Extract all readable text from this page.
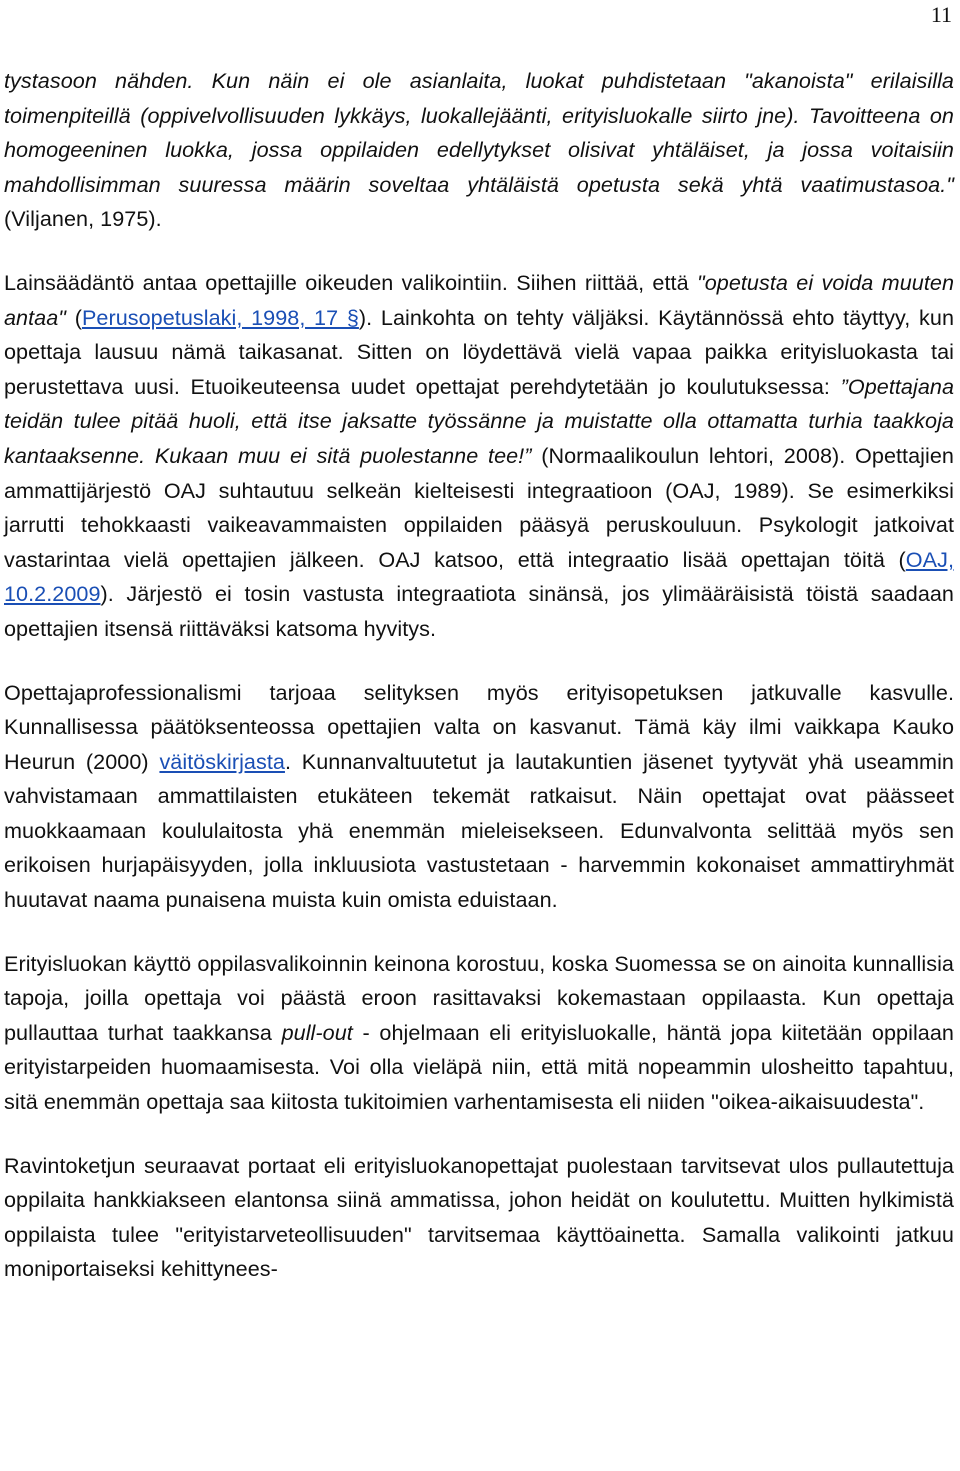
11

tystasoon nähden. Kun näin ei ole asianlaita, luokat puhdistetaan "akanoista" erilaisilla toimenpiteillä (oppivelvollisuuden lykkäys, luokallejäänti, erityisluokalle siirto jne). Tavoitteena on homogeeninen luokka, jossa oppilaiden edellytykset olisivat yhtäläiset, ja jossa voitaisiin mahdollisimman suuressa määrin soveltaa yhtäläistä opetusta sekä yhtä vaatimustasoa." (Viljanen, 1975).

Lainsäädäntö antaa opettajille oikeuden valikointiin. Siihen riittää, että "opetusta ei voida muuten antaa" (Perusopetuslaki, 1998, 17 §). Lainkohta on tehty väljäksi. Käytännössä ehto täyttyy, kun opettaja lausuu nämä taikasanat. Sitten on löydettävä vielä vapaa paikka erityisluokasta tai perustettava uusi. Etuoikeuteensa uudet opettajat perehdytetään jo koulutuksessa: ”Opettajana teidän tulee pitää huoli, että itse jaksatte työssänne ja muistatte olla ottamatta turhia taakkoja kantaaksenne. Kukaan muu ei sitä puolestanne tee!” (Normaalikoulun lehtori, 2008). Opettajien ammattijärjestö OAJ suhtautuu selkeän kielteisesti integraatioon (OAJ, 1989). Se esimerkiksi jarrutti tehokkaasti vaikeavammaisten oppilaiden pääsyä peruskouluun. Psykologit jatkoivat vastarintaa vielä opettajien jälkeen. OAJ katsoo, että integraatio lisää opettajan töitä (OAJ, 10.2.2009). Järjestö ei tosin vastusta integraatiota sinänsä, jos ylimääräisistä töistä saadaan opettajien itsensä riittäväksi katsoma hyvitys.

Opettajaprofessionalismi tarjoaa selityksen myös erityisopetuksen jatkuvalle kasvulle. Kunnallisessa päätöksenteossa opettajien valta on kasvanut. Tämä käy ilmi vaikkapa Kauko Heurun (2000) väitöskirjasta. Kunnanvaltuutetut ja lautakuntien jäsenet tyytyvät yhä useammin vahvistamaan ammattilaisten etukäteen tekemät ratkaisut. Näin opettajat ovat päässeet muokkaamaan koululaitosta yhä enemmän mieleisekseen. Edunvalvonta selittää myös sen erikoisen hurjapäisyyden, jolla inkluusiota vastustetaan - harvemmin kokonaiset ammattiryhmät huutavat naama punaisena muista kuin omista eduistaan.

Erityisluokan käyttö oppilasvalikoinnin keinona korostuu, koska Suomessa se on ainoita kunnallisia tapoja, joilla opettaja voi päästä eroon rasittavaksi kokemastaan oppilaasta. Kun opettaja pullauttaa turhat taakkansa pull-out - ohjelmaan eli erityisluokalle, häntä jopa kiitetään oppilaan erityistarpeiden huomaamisesta. Voi olla vieläpä niin, että mitä nopeammin ulosheitto tapahtuu, sitä enemmän opettaja saa kiitosta tukitoimien varhentamisesta eli niiden "oikea-aikaisuudesta".

Ravintoketjun seuraavat portaat eli erityisluokanopettajat puolestaan tarvitsevat ulos pullautettuja oppilaita hankkiakseen elantonsa siinä ammatissa, johon heidät on koulutettu. Muitten hylkimistä oppilaista tulee "erityistarveteollisuuden" tarvitsemaa käyttöainetta. Samalla valikointi jatkuu moniportaiseksi kehittynees-
